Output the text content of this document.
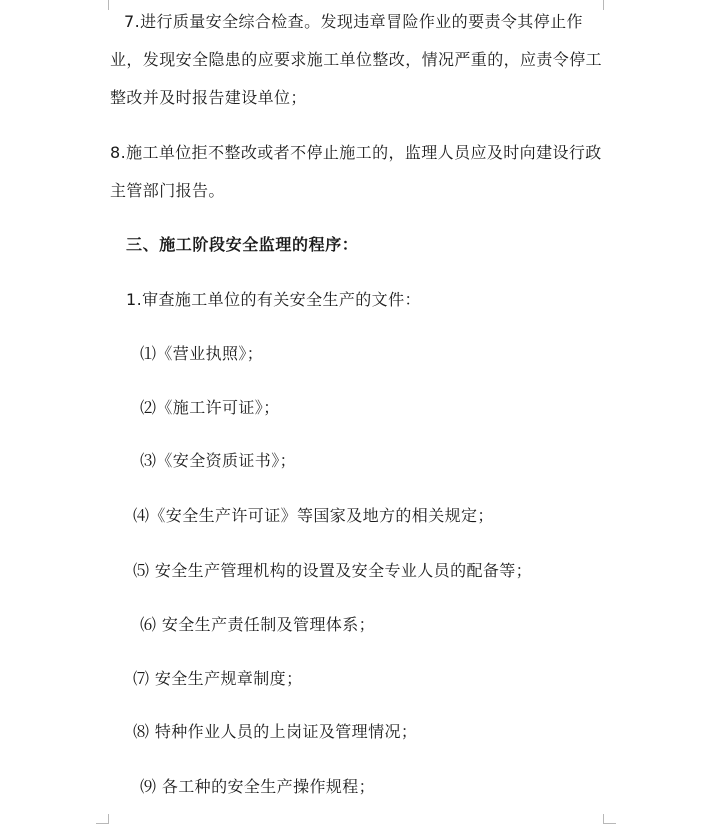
7.进行质量安全综合检查。发现违章冒险作业的要责令其停止作
业，发现安全隐患的应要求施工单位整改，情况严重的，应责令停工
整改并及时报告建设单位；
8.施工单位拒不整改或者不停止施工的，监理人员应及时向建设行政
主管部门报告。
三、施工阶段安全监理的程序：
1.审查施工单位的有关安全生产的文件：
⑴《营业执照》；
⑵《施工许可证》；
⑶《安全资质证书》；
⑷《安全生产许可证》等国家及地方的相关规定；
⑸ 安全生产管理机构的设置及安全专业人员的配备等；
⑹ 安全生产责任制及管理体系；
⑺ 安全生产规章制度；
⑻ 特种作业人员的上岗证及管理情况；
⑼ 各工种的安全生产操作规程；
